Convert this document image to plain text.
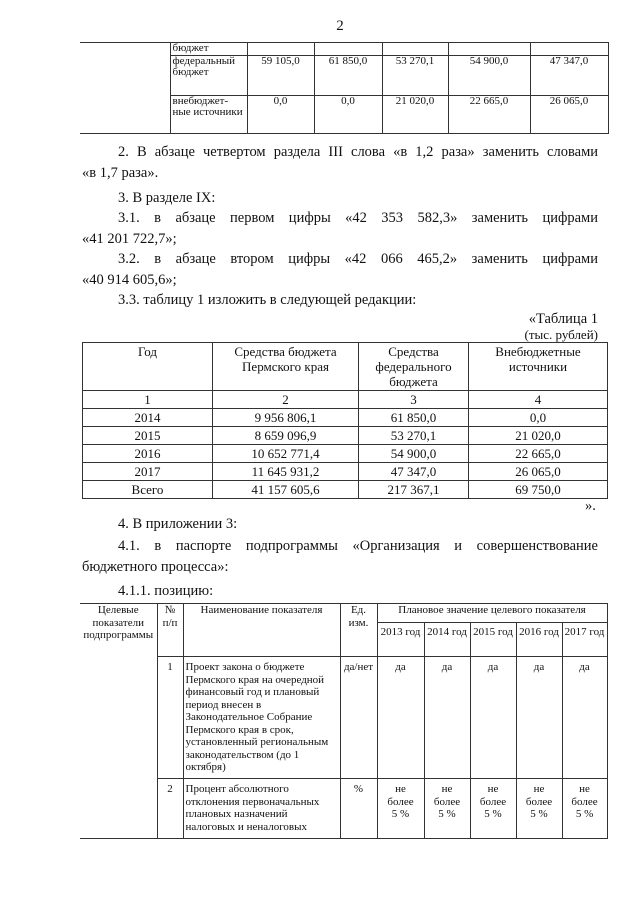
2
	бюджет					
	федеральный бюджет	59 105,0	61 850,0	53 270,1	54 900,0	47 347,0
	внебюджет-ные источники	0,0	0,0	21 020,0	22 665,0	26 065,0
2. В абзаце четвертом раздела III слова «в 1,2 раза» заменить словами
«в 1,7 раза».
3. В разделе IX:
3.1. в абзаце первом цифры «42 353 582,3» заменить цифрами
«41 201 722,7»;
3.2. в абзаце втором цифры «42 066 465,2» заменить цифрами
«40 914 605,6»;
3.3. таблицу 1 изложить в следующей редакции:
«Таблица 1
(тыс. рублей)
Год	Средства бюджета Пермского края	Средства федерального бюджета	Внебюджетные источники
1	2	3	4
2014	9 956 806,1	61 850,0	0,0
2015	8 659 096,9	53 270,1	21 020,0
2016	10 652 771,4	54 900,0	22 665,0
2017	11 645 931,2	47 347,0	26 065,0
Всего	41 157 605,6	217 367,1	69 750,0
».
4. В приложении 3:
4.1. в паспорте подпрограммы «Организация и совершенствование
бюджетного процесса»:
4.1.1. позицию:
Целевые показатели подпрограммы	№ п/п	Наименование показателя	Ед. изм.	Плановое значение целевого показателя				
				2013 год	2014 год	2015 год	2016 год	2017 год
	1	Проект закона о бюджете Пермского края на очередной финансовый год и плановый период внесен в Законодательное Собрание Пермского края в срок, установленный региональным законодательством (до 1 октября)	да/нет	да	да	да	да	да
	2	Процент абсолютного отклонения первоначальных плановых назначений налоговых и неналоговых	%	не более 5 %	не более 5 %	не более 5 %	не более 5 %	не более 5 %
